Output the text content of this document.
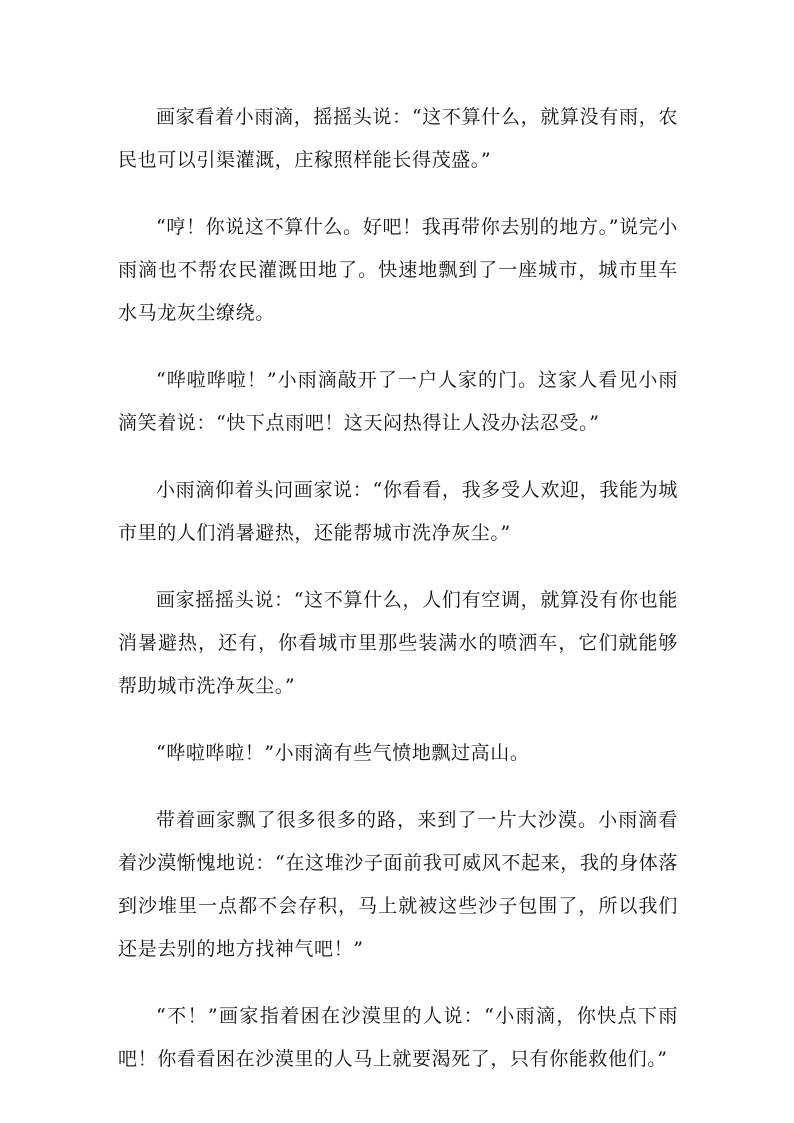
画家看着小雨滴，摇摇头说：“这不算什么，就算没有雨，农民也可以引渠灌溉，庄稼照样能长得茂盛。”

“哼！你说这不算什么。好吧！我再带你去别的地方。”说完小雨滴也不帮农民灌溉田地了。快速地飘到了一座城市，城市里车水马龙灰尘缭绕。

“哗啦哗啦！”小雨滴敲开了一户人家的门。这家人看见小雨滴笑着说：“快下点雨吧！这天闷热得让人没办法忍受。”

小雨滴仰着头问画家说：“你看看，我多受人欢迎，我能为城市里的人们消暑避热，还能帮城市洗净灰尘。”

画家摇摇头说：“这不算什么，人们有空调，就算没有你也能消暑避热，还有，你看城市里那些装满水的喷洒车，它们就能够帮助城市洗净灰尘。”

“哗啦哗啦！”小雨滴有些气愤地飘过高山。

带着画家飘了很多很多的路，来到了一片大沙漠。小雨滴看着沙漠惭愧地说：“在这堆沙子面前我可威风不起来，我的身体落到沙堆里一点都不会存积，马上就被这些沙子包围了，所以我们还是去别的地方找神气吧！”

“不！”画家指着困在沙漠里的人说：“小雨滴，你快点下雨吧！你看看困在沙漠里的人马上就要渴死了，只有你能救他们。”
